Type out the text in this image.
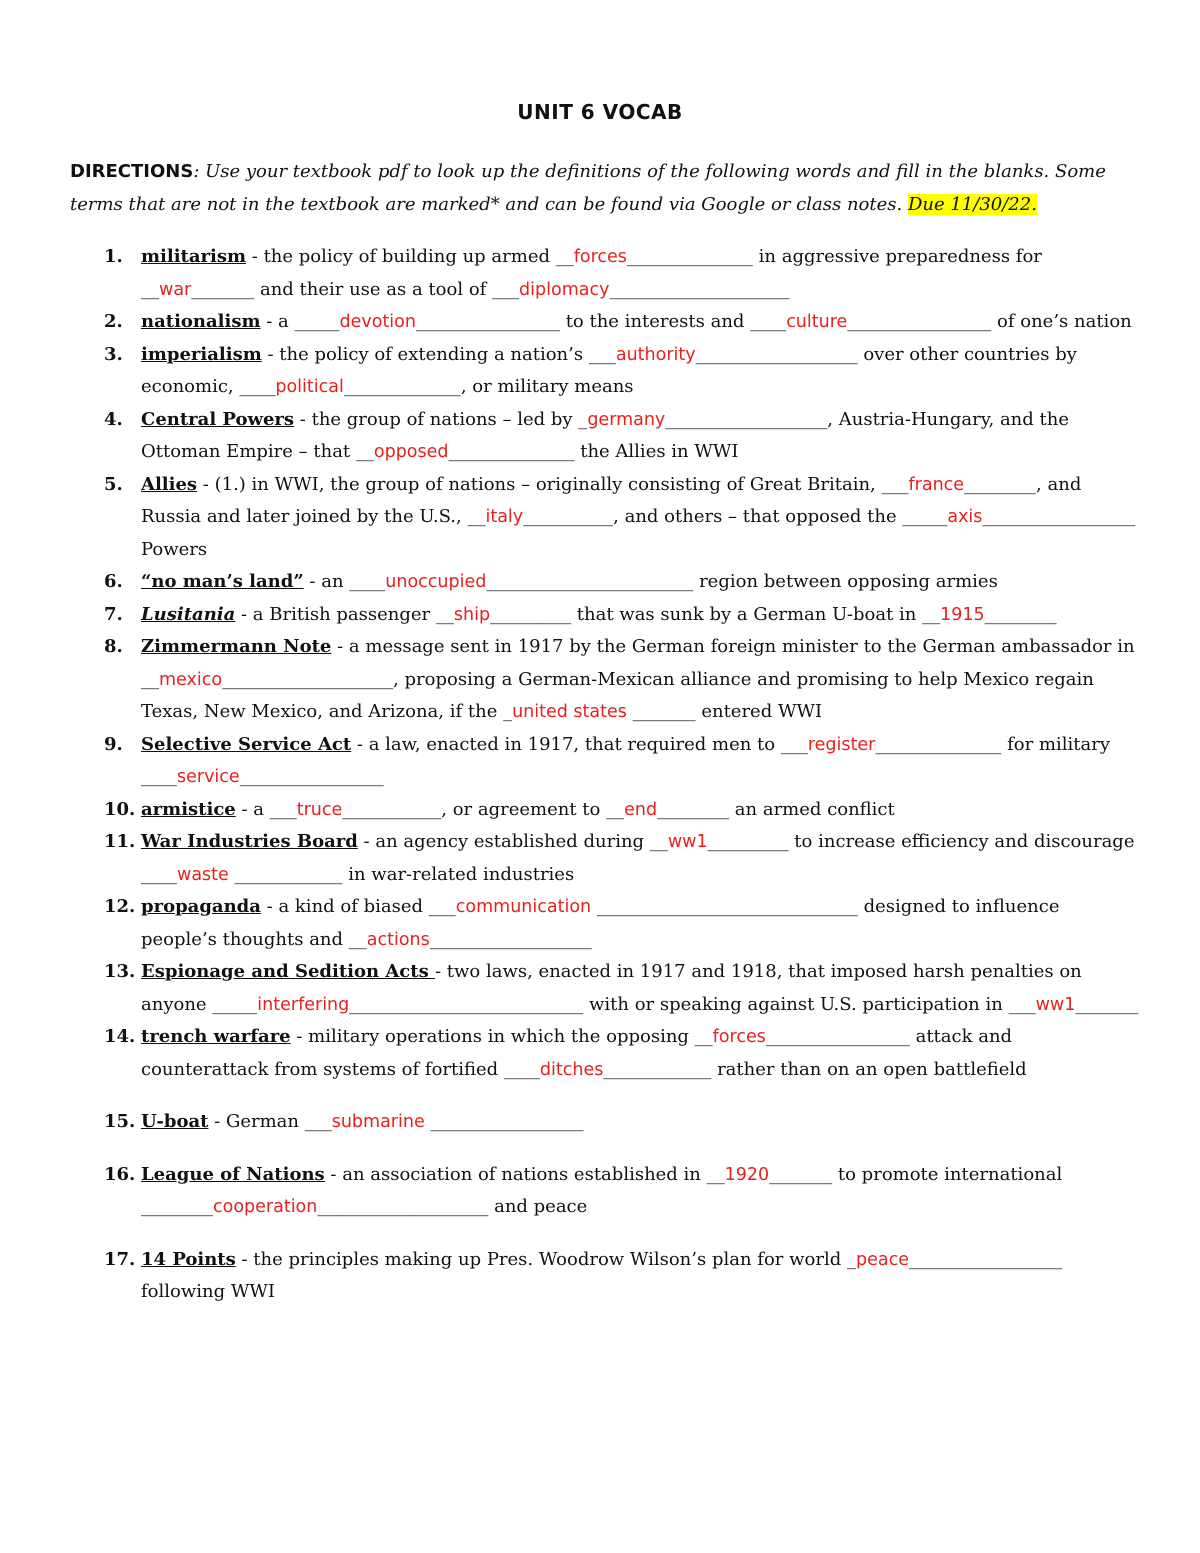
UNIT 6 VOCAB
DIRECTIONS: Use your textbook pdf to look up the definitions of the following words and fill in the blanks. Some terms that are not in the textbook are marked* and can be found via Google or class notes. Due 11/30/22.
1. militarism - the policy of building up armed __forces______________ in aggressive preparedness for __war_______ and their use as a tool of ___diplomacy____________________
2. nationalism - a _____devotion________________ to the interests and ____culture________________ of one’s nation
3. imperialism - the policy of extending a nation’s ___authority__________________ over other countries by economic, ____political_____________, or military means
4. Central Powers - the group of nations – led by _germany__________________, Austria-Hungary, and the Ottoman Empire – that __opposed______________ the Allies in WWI
5. Allies - (1.) in WWI, the group of nations – originally consisting of Great Britain, ___france________, and Russia and later joined by the U.S., __italy__________, and others – that opposed the _____axis_________________ Powers
6. “no man’s land” - an ____unoccupied_______________________ region between opposing armies
7. Lusitania - a British passenger __ship_________ that was sunk by a German U-boat in __1915________
8. Zimmermann Note - a message sent in 1917 by the German foreign minister to the German ambassador in __mexico___________________, proposing a German-Mexican alliance and promising to help Mexico regain Texas, New Mexico, and Arizona, if the _united states _______ entered WWI
9. Selective Service Act - a law, enacted in 1917, that required men to ___register______________ for military ____service________________
10. armistice - a ___truce___________, or agreement to __end________ an armed conflict
11. War Industries Board - an agency established during __ww1_________ to increase efficiency and discourage ____waste ____________ in war-related industries
12. propaganda - a kind of biased ___communication _____________________________ designed to influence people’s thoughts and __actions__________________
13. Espionage and Sedition Acts - two laws, enacted in 1917 and 1918, that imposed harsh penalties on anyone _____interfering__________________________ with or speaking against U.S. participation in ___ww1_______
14. trench warfare - military operations in which the opposing __forces________________ attack and counterattack from systems of fortified ____ditches____________ rather than on an open battlefield
15. U-boat - German ___submarine _________________
16. League of Nations - an association of nations established in __1920_______ to promote international ________cooperation___________________ and peace
17. 14 Points - the principles making up Pres. Woodrow Wilson’s plan for world _peace_________________ following WWI
